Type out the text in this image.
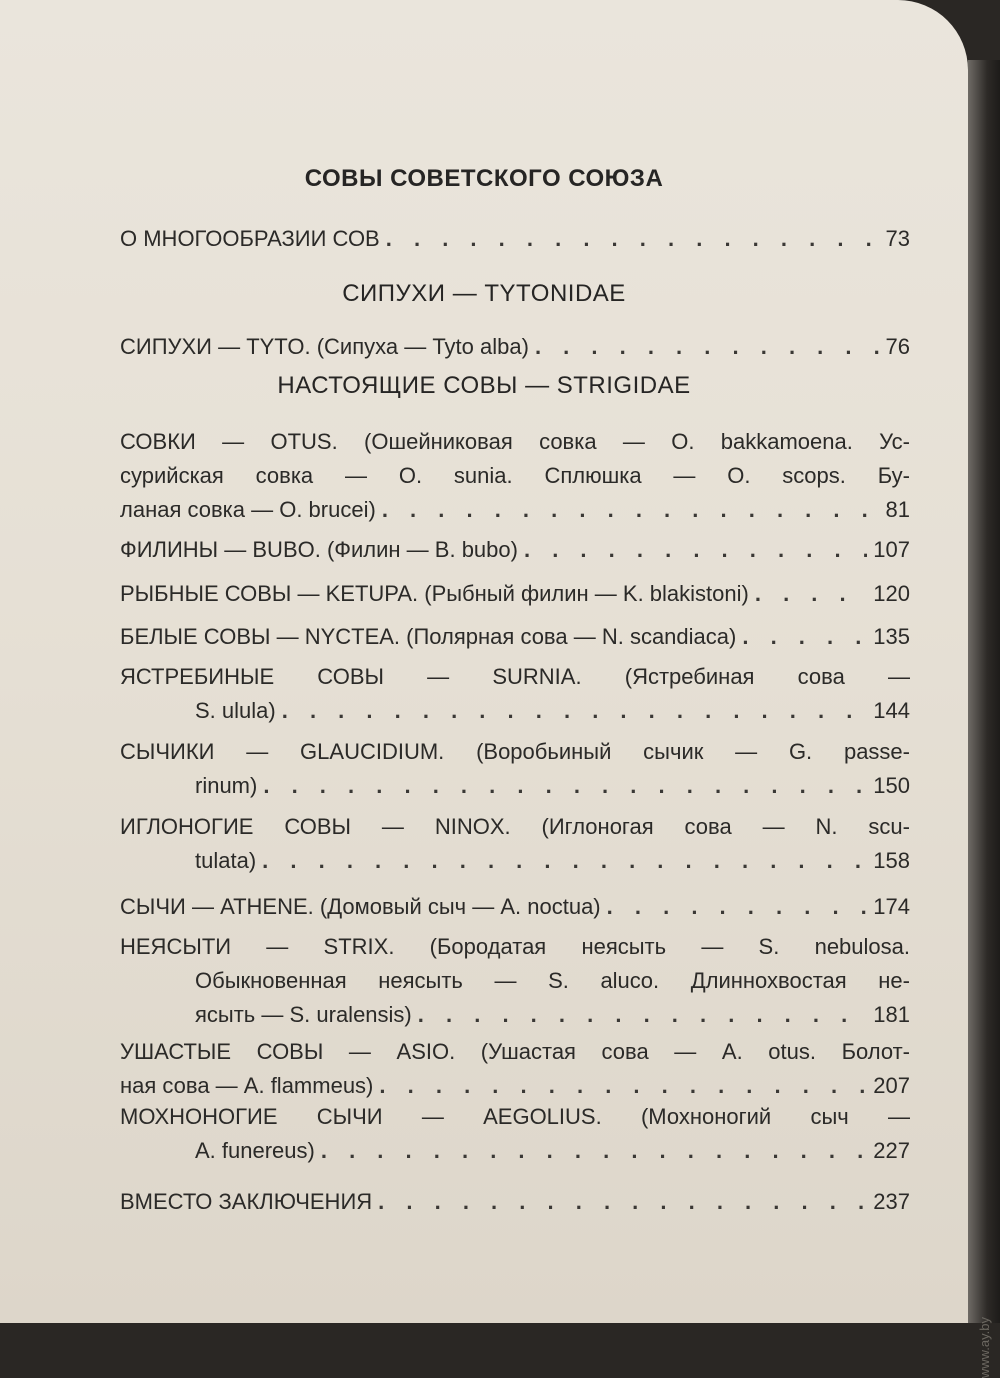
СОВЫ СОВЕТСКОГО СОЮЗА
СИПУХИ — TYTONIDAE
НАСТОЯЩИЕ СОВЫ — STRIGIDAE
О МНОГООБРАЗИИ СОВ . . .	73
СИПУХИ — TYTO. (Сипуха — Tyto alba) . . .	76
СОВКИ — OTUS. (Ошейниковая совка — O. bakkamoena. Ус-
сурийская совка — O. sunia. Сплюшка — O. scops. Бу-
ланая совка — O. brucei) . . .	81
ФИЛИНЫ — BUBO. (Филин — B. bubo) . . .	107
РЫБНЫЕ СОВЫ — KETUPA. (Рыбный филин — K. blakistoni) . . .	120
БЕЛЫЕ СОВЫ — NYCTEA. (Полярная сова — N. scandiaca) . . .	135
ЯСТРЕБИНЫЕ СОВЫ — SURNIA. (Ястребиная сова —
S. ulula) . . .	144
СЫЧИКИ — GLAUCIDIUM. (Воробьиный сычик — G. passe-
rinum) . . .	150
ИГЛОНОГИЕ СОВЫ — NINOX. (Иглоногая сова — N. scu-
tulata) . . .	158
СЫЧИ — ATHENE. (Домовый сыч — A. noctua) . . .	174
НЕЯСЫТИ — STRIX. (Бородатая неясыть — S. nebulosa.
Обыкновенная неясыть — S. aluco. Длиннохвостая не-
ясыть — S. uralensis) . . .	181
УШАСТЫЕ СОВЫ — ASIO. (Ушастая сова — A. otus. Болот-
ная сова — A. flammeus) . . .	207
МОХНОНОГИЕ СЫЧИ — AEGOLIUS. (Мохноногий сыч —
A. funereus) . . .	227
ВМЕСТО ЗАКЛЮЧЕНИЯ . . .	237
